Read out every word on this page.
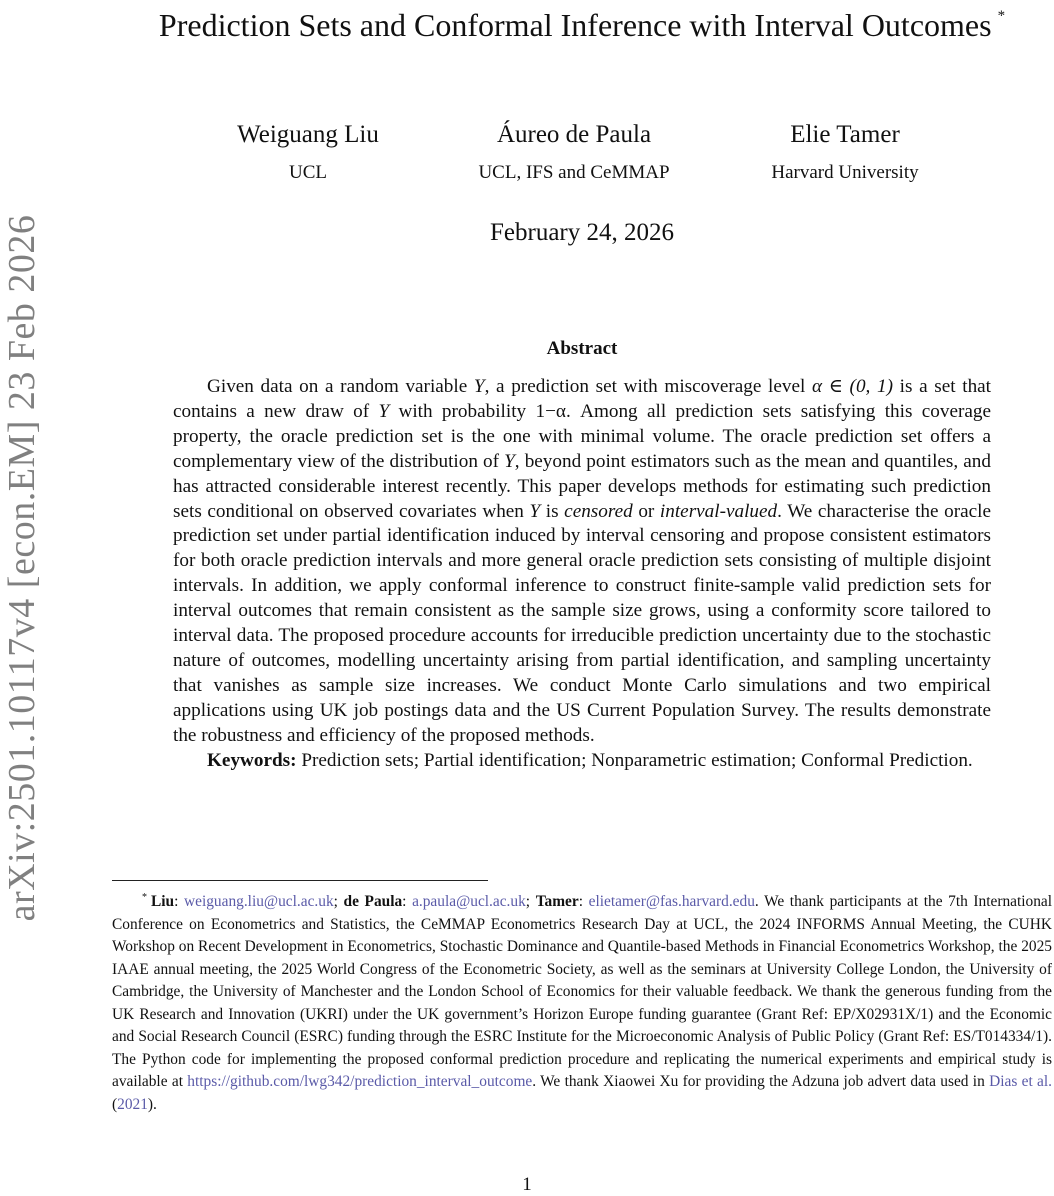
arXiv:2501.10117v4 [econ.EM] 23 Feb 2026
Prediction Sets and Conformal Inference with Interval Outcomes *
Weiguang Liu
UCL
Áureo de Paula
UCL, IFS and CeMMAP
Elie Tamer
Harvard University
February 24, 2026
Abstract

Given data on a random variable Y, a prediction set with miscoverage level α ∈ (0, 1) is a set that contains a new draw of Y with probability 1−α. Among all prediction sets satisfying this coverage property, the oracle prediction set is the one with minimal volume. The oracle prediction set offers a complementary view of the distribution of Y, beyond point estimators such as the mean and quantiles, and has attracted considerable interest recently. This paper develops methods for estimating such prediction sets conditional on observed covariates when Y is censored or interval-valued. We characterise the oracle prediction set under partial identification induced by interval censoring and propose consistent estimators for both oracle prediction intervals and more general oracle prediction sets consisting of multiple disjoint intervals. In addition, we apply conformal inference to construct finite-sample valid prediction sets for interval outcomes that remain consistent as the sample size grows, using a conformity score tailored to interval data. The proposed procedure accounts for irreducible prediction uncertainty due to the stochastic nature of outcomes, modelling uncertainty arising from partial identification, and sampling uncertainty that vanishes as sample size increases. We conduct Monte Carlo simulations and two empirical applications using UK job postings data and the US Current Population Survey. The results demonstrate the robustness and efficiency of the proposed methods.

Keywords: Prediction sets; Partial identification; Nonparametric estimation; Conformal Prediction.

* Liu: weiguang.liu@ucl.ac.uk; de Paula: a.paula@ucl.ac.uk; Tamer: elietamer@fas.harvard.edu. We thank participants at the 7th International Conference on Econometrics and Statistics, the CeMMAP Econometrics Research Day at UCL, the 2024 INFORMS Annual Meeting, the CUHK Workshop on Recent Development in Econometrics, Stochastic Dominance and Quantile-based Methods in Financial Econometrics Workshop, the 2025 IAAE annual meeting, the 2025 World Congress of the Econometric Society, as well as the seminars at University College London, the University of Cambridge, the University of Manchester and the London School of Economics for their valuable feedback. We thank the generous funding from the UK Research and Innovation (UKRI) under the UK government’s Horizon Europe funding guarantee (Grant Ref: EP/X02931X/1) and the Economic and Social Research Council (ESRC) funding through the ESRC Institute for the Microeconomic Analysis of Public Policy (Grant Ref: ES/T014334/1). The Python code for implementing the proposed conformal prediction procedure and replicating the numerical experiments and empirical study is available at https://github.com/lwg342/prediction_interval_outcome. We thank Xiaowei Xu for providing the Adzuna job advert data used in Dias et al. (2021).

1
